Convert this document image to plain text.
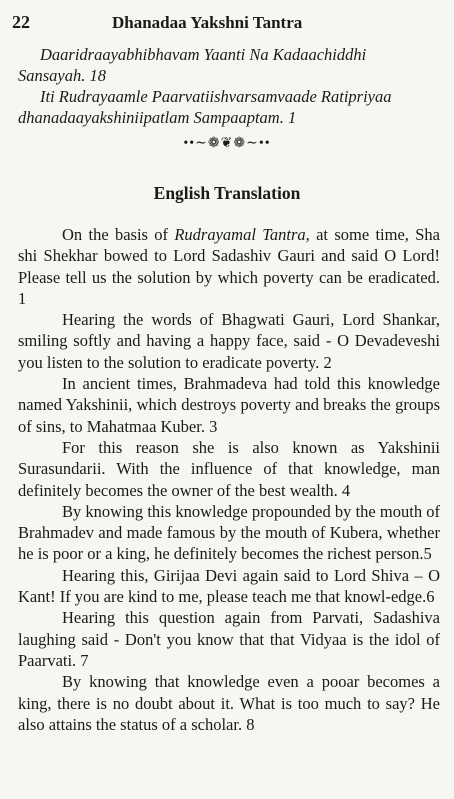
22	Dhanadaa Yakshni Tantra

Daaridraayabhibhavam Yaanti Na Kadaachiddhi

Sansayah. 18

Iti Rudrayaamle Paarvatiishvarsamvaade Ratipriyaa

dhanadaayakshiniipatlam Sampaaptam. 1

••∼❁❦❁∼••
English Translation

On the basis of Rudrayamal Tantra, at some time, Sha shi Shekhar bowed to Lord Sadashiv Gauri and said O Lord! Please tell us the solution by which poverty can be eradicated. 1

Hearing the words of Bhagwati Gauri, Lord Shankar, smiling softly and having a happy face, said - O Devadeveshi you listen to the solution to eradicate poverty. 2

In ancient times, Brahmadeva had told this knowledge named Yakshinii, which destroys poverty and breaks the groups of sins, to Mahatmaa Kuber. 3

For this reason she is also known as Yakshinii Surasundarii. With the influence of that knowledge, man definitely becomes the owner of the best wealth. 4

By knowing this knowledge propounded by the mouth of Brahmadev and made famous by the mouth of Kubera, whether he is poor or a king, he definitely becomes the richest person.5

Hearing this, Girijaa Devi again said to Lord Shiva – O Kant! If you are kind to me, please teach me that knowl-edge.6

Hearing this question again from Parvati, Sadashiva laughing said - Don't you know that that Vidyaa is the idol of Paarvati. 7

By knowing that knowledge even a pooar becomes a king, there is no doubt about it. What is too much to say? He also attains the status of a scholar. 8
